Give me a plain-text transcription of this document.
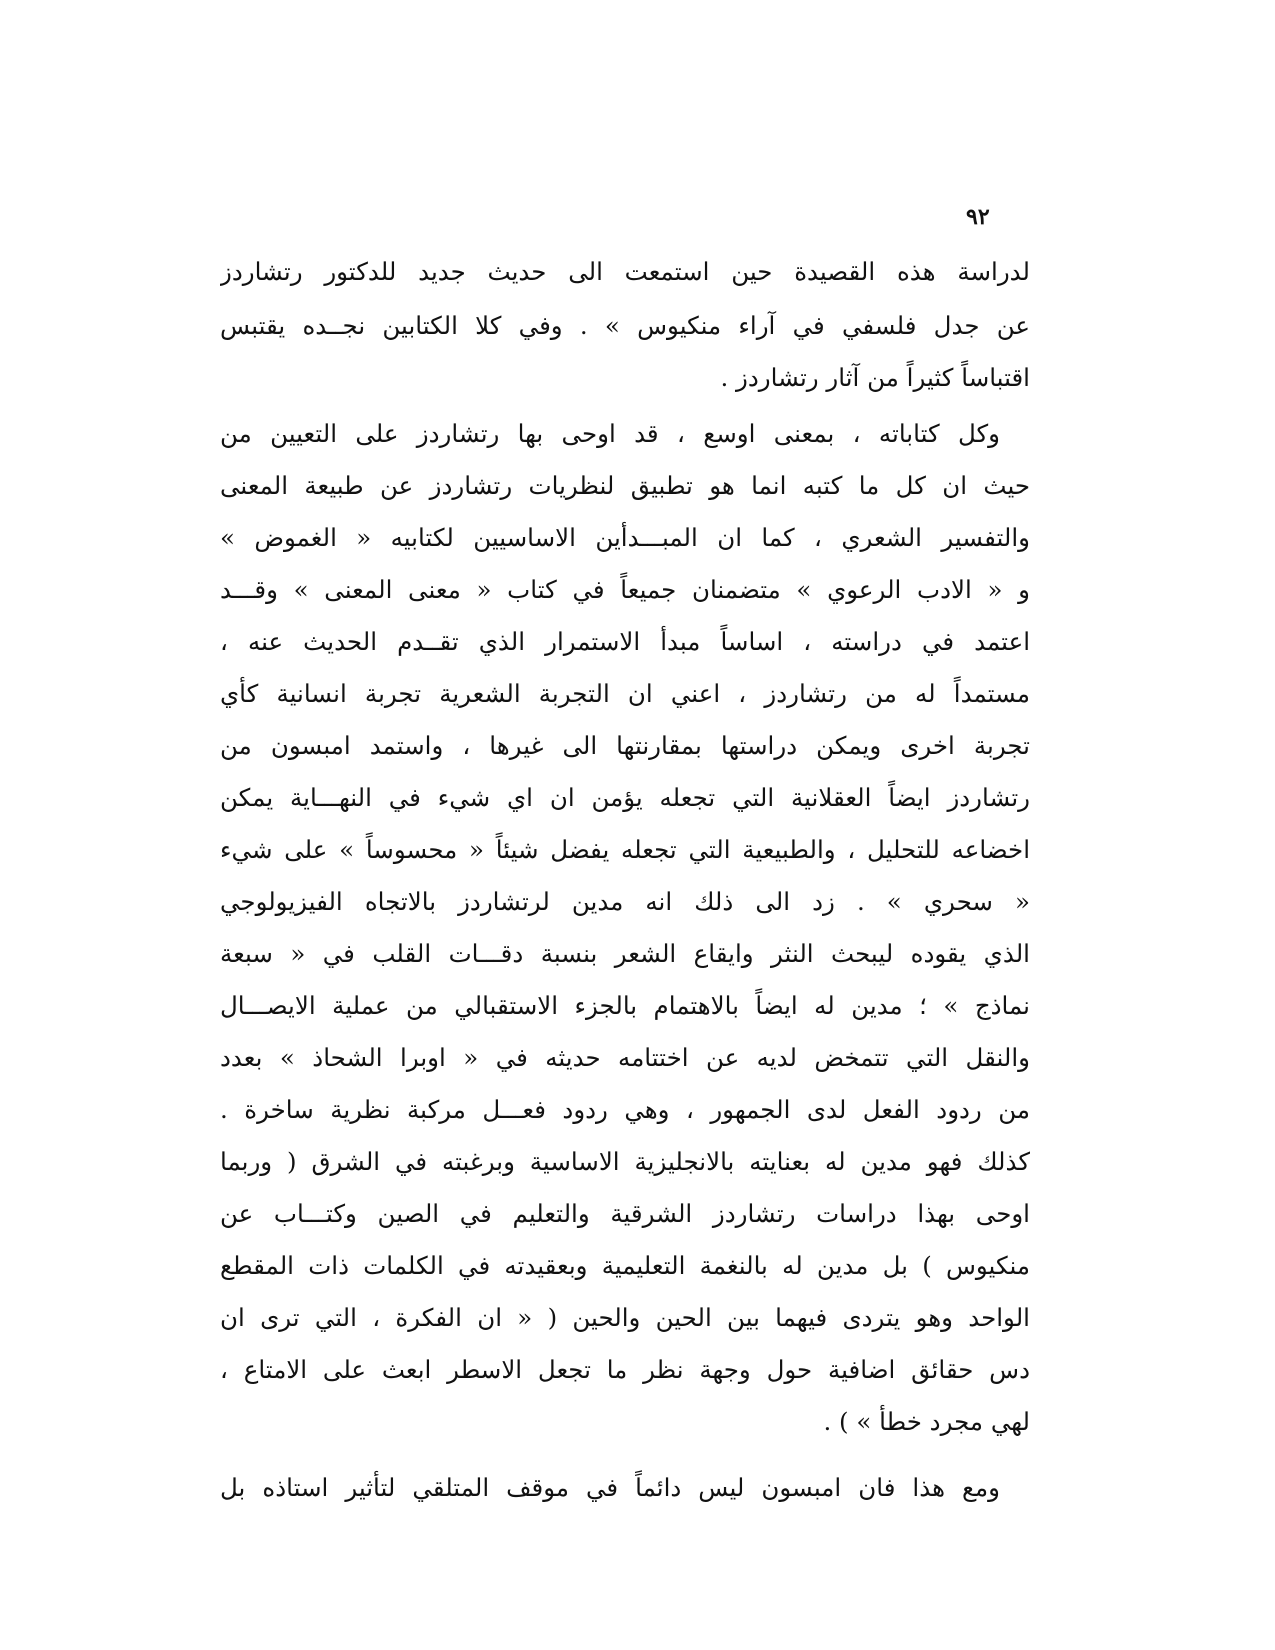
٩٢
لدراسة هذه القصيدة حين استمعت الى حديث جديد للدكتور رتشاردز
عن جدل فلسفي في آراء منكيوس » . وفي كلا الكتابين نجــده يقتبس
اقتباساً كثيراً من آثار رتشاردز .
وكل كتاباته ، بمعنى اوسع ، قد اوحى بها رتشاردز على التعيين من
حيث ان كل ما كتبه انما هو تطبيق لنظريات رتشاردز عن طبيعة المعنى
والتفسير الشعري ، كما ان المبـــدأين الاساسيين لكتابيه « الغموض »
و « الادب الرعوي » متضمنان جميعاً في كتاب « معنى المعنى » وقـــد
اعتمد في دراسته ، اساساً مبدأ الاستمرار الذي تقــدم الحديث عنه ،
مستمداً له من رتشاردز ، اعني ان التجربة الشعرية تجربة انسانية كأي
تجربة اخرى ويمكن دراستها بمقارنتها الى غيرها ، واستمد امبسون من
رتشاردز ايضاً العقلانية التي تجعله يؤمن ان اي شيء في النهـــاية يمكن
اخضاعه للتحليل ، والطبيعية التي تجعله يفضل شيئاً « محسوساً » على شيء
« سحري » . زد الى ذلك انه مدين لرتشاردز بالاتجاه الفيزيولوجي
الذي يقوده ليبحث النثر وايقاع الشعر بنسبة دقـــات القلب في « سبعة
نماذج » ؛ مدين له ايضاً بالاهتمام بالجزء الاستقبالي من عملية الايصـــال
والنقل التي تتمخض لديه عن اختتامه حديثه في « اوبرا الشحاذ » بعدد
من ردود الفعل لدى الجمهور ، وهي ردود فعـــل مركبة نظرية ساخرة .
كذلك فهو مدين له بعنايته بالانجليزية الاساسية وبرغبته في الشرق ( وربما
اوحى بهذا دراسات رتشاردز الشرقية والتعليم في الصين وكتـــاب عن
منكيوس ) بل مدين له بالنغمة التعليمية وبعقيدته في الكلمات ذات المقطع
الواحد وهو يتردى فيهما بين الحين والحين ( « ان الفكرة ، التي ترى ان
دس حقائق اضافية حول وجهة نظر ما تجعل الاسطر ابعث على الامتاع ،
لهي مجرد خطأ » ) .
ومع هذا فان امبسون ليس دائماً في موقف المتلقي لتأثير استاذه بل
